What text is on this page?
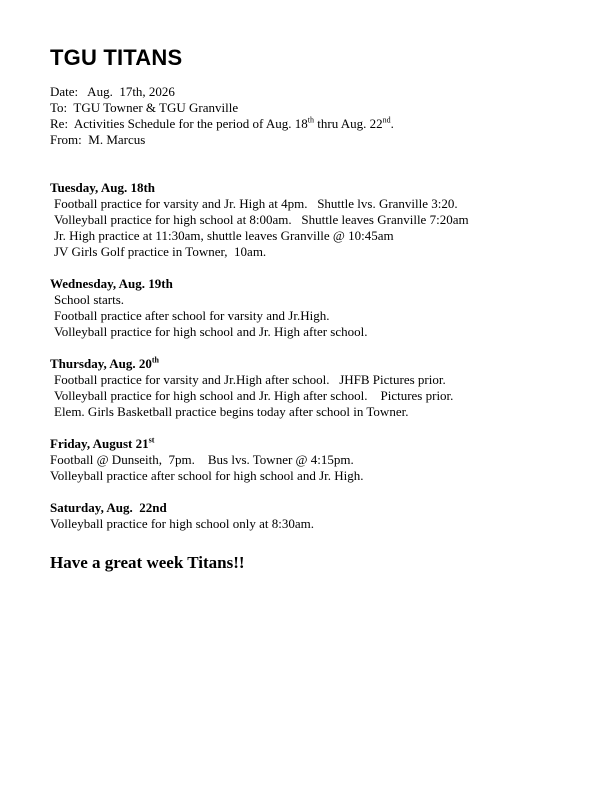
TGU TITANS
Date:   Aug.  17th, 2026
To:  TGU Towner & TGU Granville
Re:  Activities Schedule for the period of Aug. 18th thru Aug. 22nd.
From:  M. Marcus
Tuesday, Aug. 18th
Football practice for varsity and Jr. High at 4pm.   Shuttle lvs. Granville 3:20.
Volleyball practice for high school at 8:00am.   Shuttle leaves Granville 7:20am
Jr. High practice at 11:30am, shuttle leaves Granville @ 10:45am
JV Girls Golf practice in Towner,  10am.
Wednesday, Aug. 19th
School starts.
Football practice after school for varsity and Jr.High.
Volleyball practice for high school and Jr. High after school.
Thursday, Aug. 20th
Football practice for varsity and Jr.High after school.   JHFB Pictures prior.
Volleyball practice for high school and Jr. High after school.    Pictures prior.
Elem. Girls Basketball practice begins today after school in Towner.
Friday, August 21st
Football @ Dunseith,  7pm.    Bus lvs. Towner @ 4:15pm.
Volleyball practice after school for high school and Jr. High.
Saturday, Aug.  22nd
Volleyball practice for high school only at 8:30am.
Have a great week Titans!!
